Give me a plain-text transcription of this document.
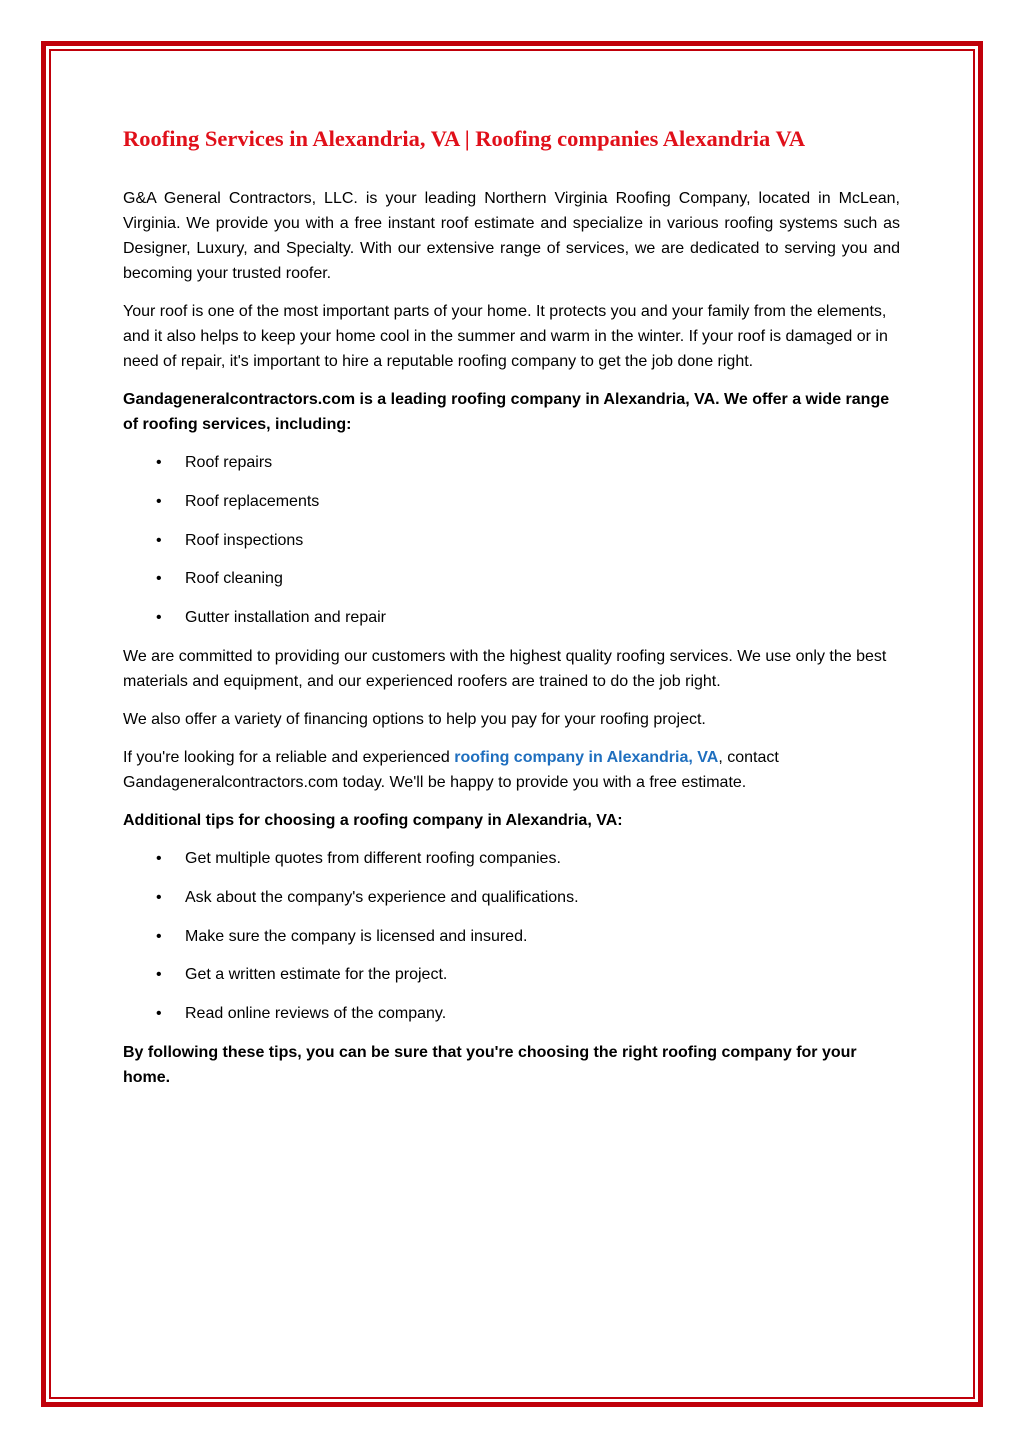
Roofing Services in Alexandria, VA | Roofing companies Alexandria VA

G&A General Contractors, LLC. is your leading Northern Virginia Roofing Company, located in McLean, Virginia. We provide you with a free instant roof estimate and specialize in various roofing systems such as Designer, Luxury, and Specialty. With our extensive range of services, we are dedicated to serving you and becoming your trusted roofer.

Your roof is one of the most important parts of your home. It protects you and your family from the elements, and it also helps to keep your home cool in the summer and warm in the winter. If your roof is damaged or in need of repair, it's important to hire a reputable roofing company to get the job done right.

Gandageneralcontractors.com is a leading roofing company in Alexandria, VA. We offer a wide range of roofing services, including:

• Roof repairs
• Roof replacements
• Roof inspections
• Roof cleaning
• Gutter installation and repair

We are committed to providing our customers with the highest quality roofing services. We use only the best materials and equipment, and our experienced roofers are trained to do the job right.

We also offer a variety of financing options to help you pay for your roofing project.

If you're looking for a reliable and experienced roofing company in Alexandria, VA, contact Gandageneralcontractors.com today. We'll be happy to provide you with a free estimate.

Additional tips for choosing a roofing company in Alexandria, VA:

• Get multiple quotes from different roofing companies.
• Ask about the company's experience and qualifications.
• Make sure the company is licensed and insured.
• Get a written estimate for the project.
• Read online reviews of the company.

By following these tips, you can be sure that you're choosing the right roofing company for your home.
